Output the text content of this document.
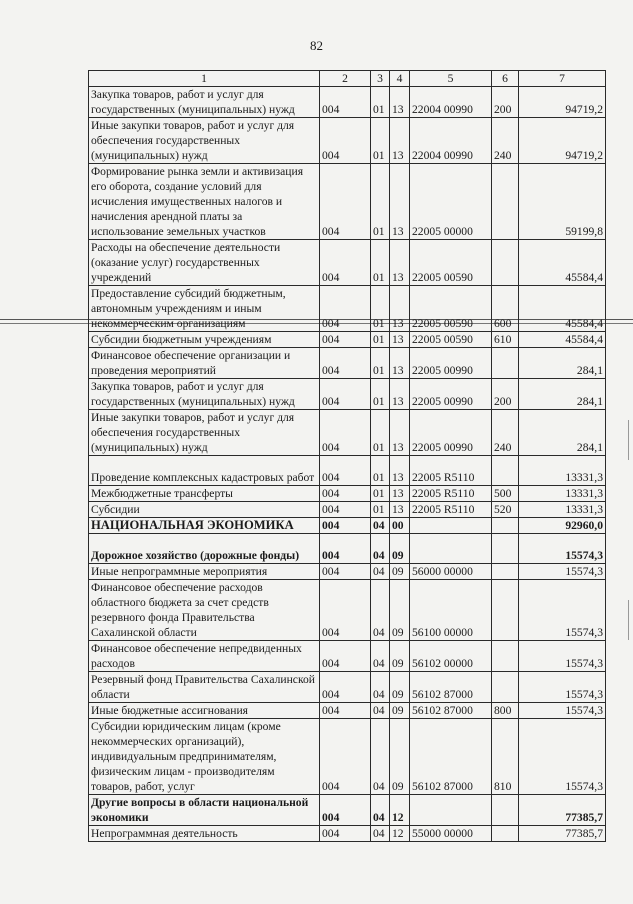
82
1	2	3	4	5	6	7
Закупка товаров, работ и услуг для государственных (муниципальных) нужд	004	01	13	22004 00990	200	94719,2
Иные закупки товаров, работ и услуг для обеспечения государственных (муниципальных) нужд	004	01	13	22004 00990	240	94719,2
Формирование рынка земли и активизация его оборота, создание условий для исчисления имущественных налогов и начисления арендной платы за использование земельных участков	004	01	13	22005 00000		59199,8
Расходы на обеспечение деятельности (оказание услуг) государственных учреждений	004	01	13	22005 00590		45584,4
Предоставление субсидий бюджетным, автономным учреждениям и иным некоммерческим организациям	004	01	13	22005 00590	600	45584,4
Субсидии бюджетным учреждениям	004	01	13	22005 00590	610	45584,4
Финансовое обеспечение организации и проведения мероприятий	004	01	13	22005 00990		284,1
Закупка товаров, работ и услуг для государственных (муниципальных) нужд	004	01	13	22005 00990	200	284,1
Иные закупки товаров, работ и услуг для обеспечения государственных (муниципальных) нужд	004	01	13	22005 00990	240	284,1
Проведение комплексных кадастровых работ	004	01	13	22005 R5110		13331,3
Межбюджетные трансферты	004	01	13	22005 R5110	500	13331,3
Субсидии	004	01	13	22005 R5110	520	13331,3
НАЦИОНАЛЬНАЯ ЭКОНОМИКА	004	04	00			92960,0
Дорожное хозяйство (дорожные фонды)	004	04	09			15574,3
Иные непрограммные мероприятия	004	04	09	56000 00000		15574,3
Финансовое обеспечение расходов областного бюджета за счет средств резервного фонда Правительства Сахалинской области	004	04	09	56100 00000		15574,3
Финансовое обеспечение непредвиденных расходов	004	04	09	56102 00000		15574,3
Резервный фонд Правительства Сахалинской области	004	04	09	56102 87000		15574,3
Иные бюджетные ассигнования	004	04	09	56102 87000	800	15574,3
Субсидии юридическим лицам (кроме некоммерческих организаций), индивидуальным предпринимателям, физическим лицам - производителям товаров, работ, услуг	004	04	09	56102 87000	810	15574,3
Другие вопросы в области национальной экономики	004	04	12			77385,7
Непрограммная деятельность	004	04	12	55000 00000		77385,7
